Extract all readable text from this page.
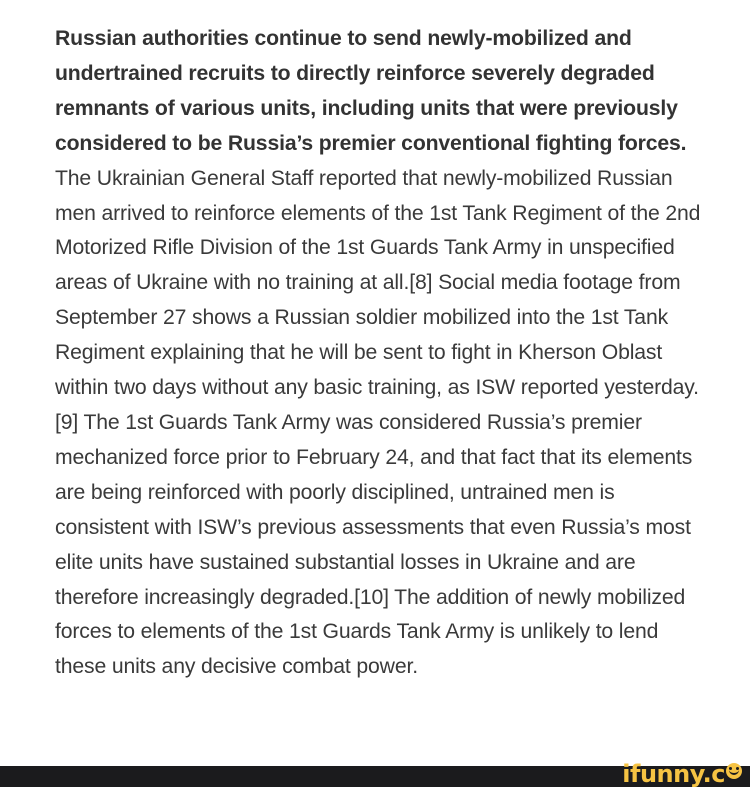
Russian authorities continue to send newly-mobilized and undertrained recruits to directly reinforce severely degraded remnants of various units, including units that were previously considered to be Russia’s premier conventional fighting forces. The Ukrainian General Staff reported that newly-mobilized Russian men arrived to reinforce elements of the 1st Tank Regiment of the 2nd Motorized Rifle Division of the 1st Guards Tank Army in unspecified areas of Ukraine with no training at all.[8] Social media footage from September 27 shows a Russian soldier mobilized into the 1st Tank Regiment explaining that he will be sent to fight in Kherson Oblast within two days without any basic training, as ISW reported yesterday.[9] The 1st Guards Tank Army was considered Russia’s premier mechanized force prior to February 24, and that fact that its elements are being reinforced with poorly disciplined, untrained men is consistent with ISW’s previous assessments that even Russia’s most elite units have sustained substantial losses in Ukraine and are therefore increasingly degraded.[10] The addition of newly mobilized forces to elements of the 1st Guards Tank Army is unlikely to lend these units any decisive combat power.

ifunny.c
